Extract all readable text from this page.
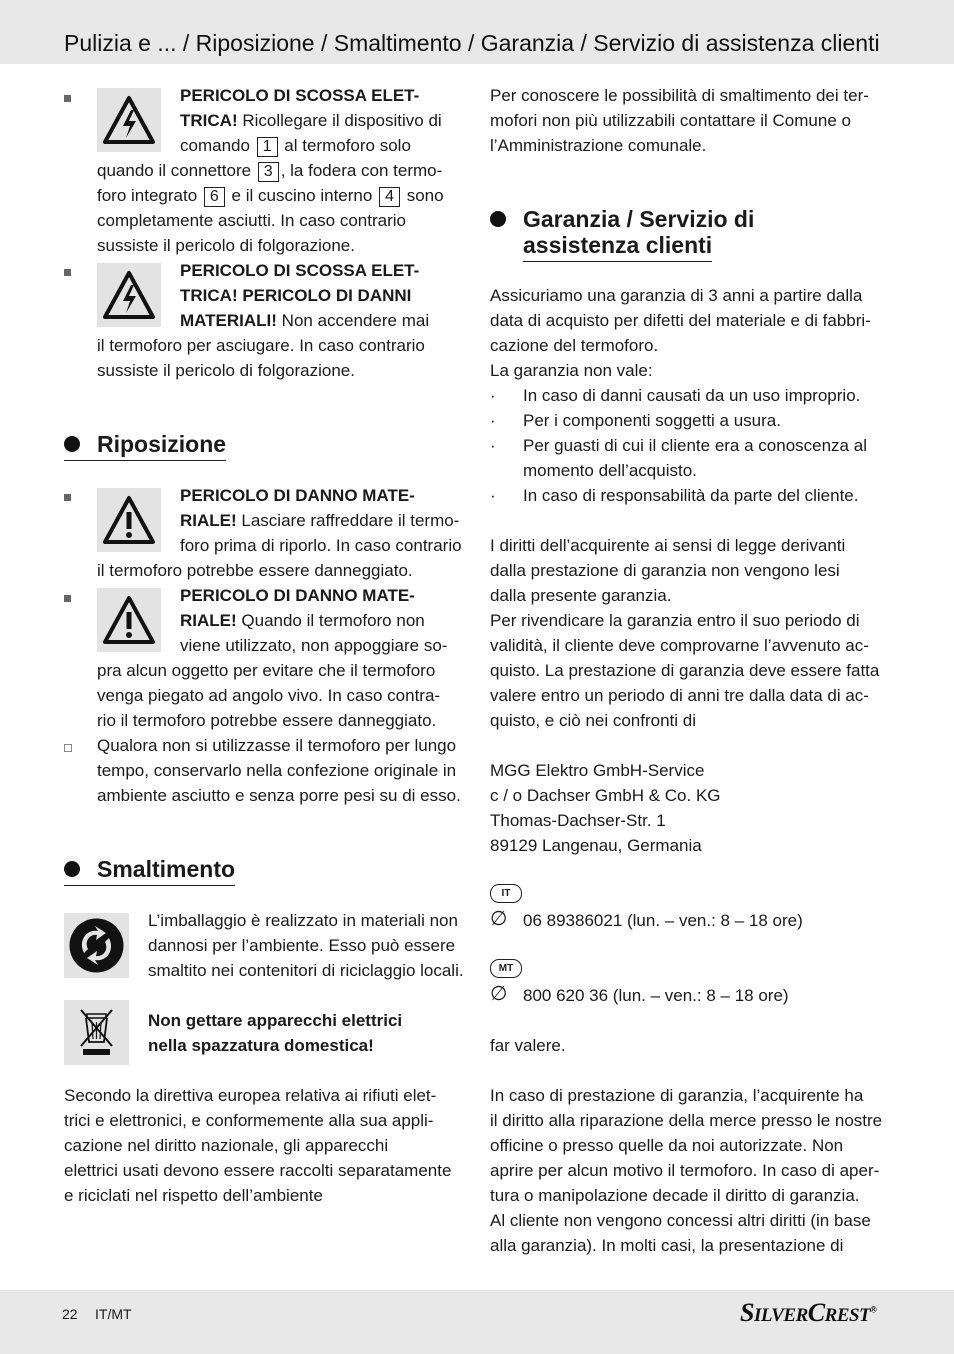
Pulizia e ... / Riposizione / Smaltimento / Garanzia / Servizio di assistenza clienti
PERICOLO DI SCOSSA ELET-
TRICA! Ricollegare il dispositivo di
comando 1 al termoforo solo
quando il connettore 3 , la fodera con termo-
foro integrato 6 e il cuscino interno 4 sono
completamente asciutti. In caso contrario
sussiste il pericolo di folgorazione.
PERICOLO DI SCOSSA ELET-
TRICA! PERICOLO DI DANNI
MATERIALI! Non accendere mai
il termoforo per asciugare. In caso contrario
sussiste il pericolo di folgorazione.
Riposizione
PERICOLO DI DANNO MATE-
RIALE! Lasciare raffreddare il termo-
foro prima di riporlo. In caso contrario
il termoforo potrebbe essere danneggiato.
PERICOLO DI DANNO MATE-
RIALE! Quando il termoforo non
viene utilizzato, non appoggiare so-
pra alcun oggetto per evitare che il termoforo
venga piegato ad angolo vivo. In caso contra-
rio il termoforo potrebbe essere danneggiato.
Qualora non si utilizzasse il termoforo per lungo
tempo, conservarlo nella confezione originale in
ambiente asciutto e senza porre pesi su di esso.
Smaltimento
L’imballaggio è realizzato in materiali non
dannosi per l’ambiente. Esso può essere
smaltito nei contenitori di riciclaggio locali.
Non gettare apparecchi elettrici
nella spazzatura domestica!
Secondo la direttiva europea relativa ai rifiuti elet-
trici e elettronici, e conformemente alla sua appli-
cazione nel diritto nazionale, gli apparecchi
elettrici usati devono essere raccolti separatamente
e riciclati nel rispetto dell’ambiente
Per conoscere le possibilità di smaltimento dei ter-
mofori non più utilizzabili contattare il Comune o
l’Amministrazione comunale.
Garanzia / Servizio di
assistenza clienti
Assicuriamo una garanzia di 3 anni a partire dalla
data di acquisto per difetti del materiale e di fabbri-
cazione del termoforo.
La garanzia non vale:
· In caso di danni causati da un uso improprio.
· Per i componenti soggetti a usura.
· Per guasti di cui il cliente era a conoscenza al
momento dell’acquisto.
· In caso di responsabilità da parte del cliente.
I diritti dell’acquirente ai sensi di legge derivanti
dalla prestazione di garanzia non vengono lesi
dalla presente garanzia.
Per rivendicare la garanzia entro il suo periodo di
validità, il cliente deve comprovarne l’avvenuto ac-
quisto. La prestazione di garanzia deve essere fatta
valere entro un periodo di anni tre dalla data di ac-
quisto, e ciò nei confronti di
MGG Elektro GmbH-Service
c / o Dachser GmbH & Co. KG
Thomas-Dachser-Str. 1
89129 Langenau, Germania
IT
∅ 06 89386021 (lun. – ven.: 8 – 18 ore)
MT
∅ 800 620 36 (lun. – ven.: 8 – 18 ore)
far valere.
In caso di prestazione di garanzia, l’acquirente ha
il diritto alla riparazione della merce presso le nostre
officine o presso quelle da noi autorizzate. Non
aprire per alcun motivo il termoforo. In caso di aper-
tura o manipolazione decade il diritto di garanzia.
Al cliente non vengono concessi altri diritti (in base
alla garanzia). In molti casi, la presentazione di
22 IT/MT	SILVERCREST®
